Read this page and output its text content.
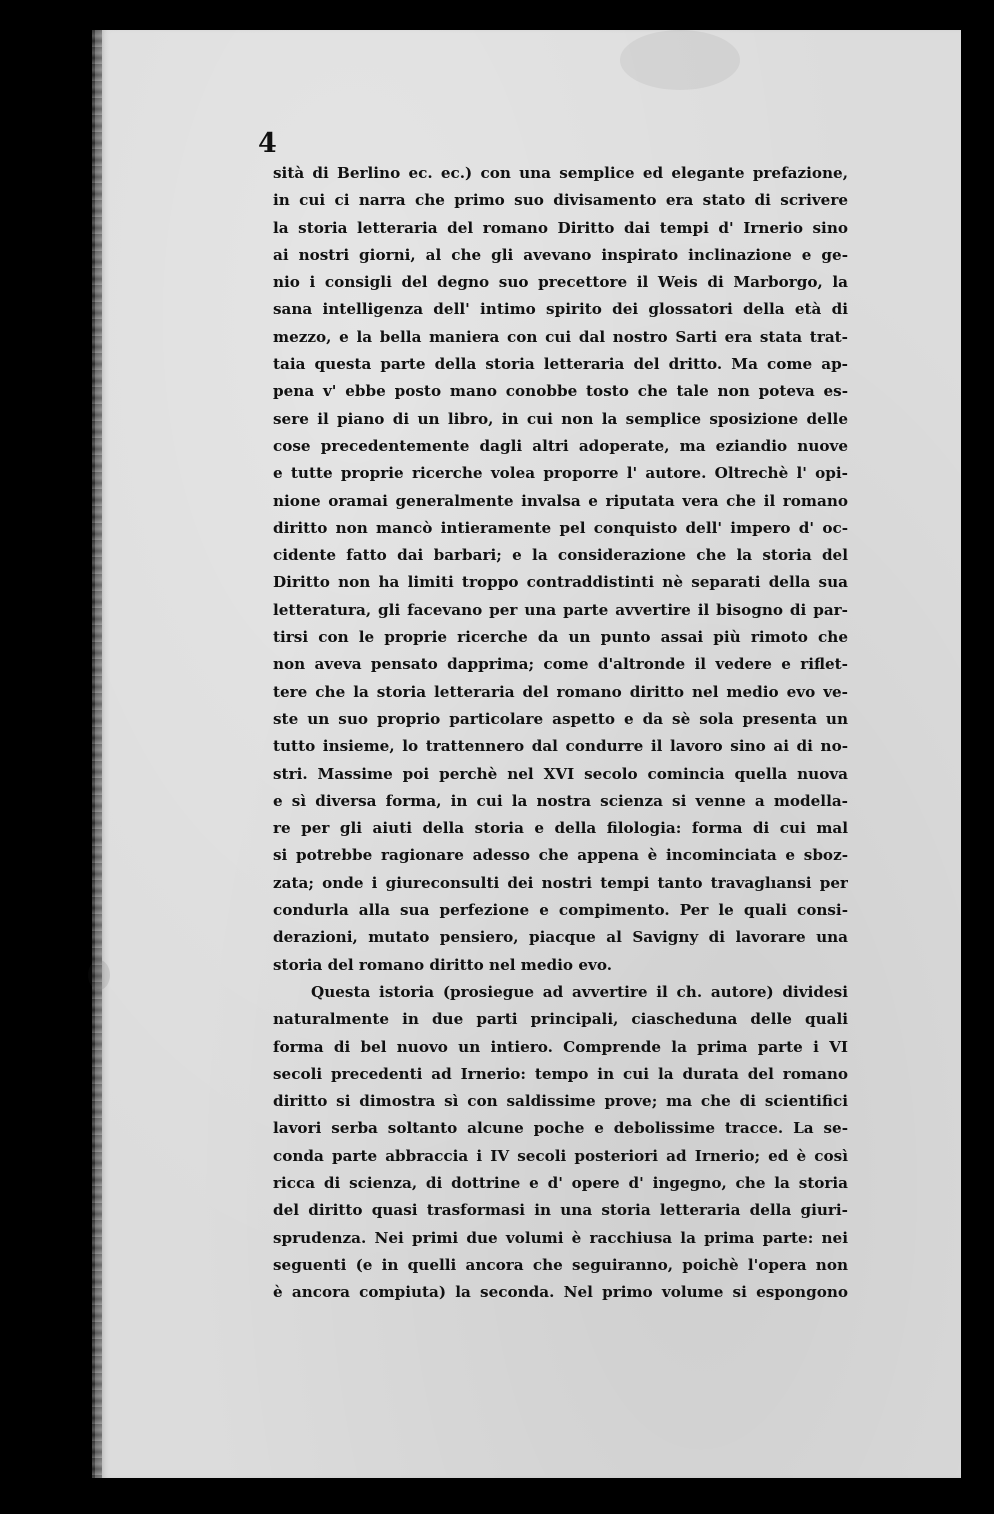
4
sità di Berlino ec. ec.) con una semplice ed elegante prefazione,
in cui ci narra che primo suo divisamento era stato di scrivere
la storia letteraria del romano Diritto dai tempi d' Irnerio sino
ai nostri giorni, al che gli avevano inspirato inclinazione e ge-
nio i consigli del degno suo precettore il Weis di Marborgo, la
sana intelligenza dell' intimo spirito dei glossatori della età di
mezzo, e la bella maniera con cui dal nostro Sarti era stata trat-
taia questa parte della storia letteraria del dritto. Ma come ap-
pena v' ebbe posto mano conobbe tosto che tale non poteva es-
sere il piano di un libro, in cui non la semplice sposizione delle
cose precedentemente dagli altri adoperate, ma eziandio nuove
e tutte proprie ricerche volea proporre l' autore. Oltrechè l' opi-
nione oramai generalmente invalsa e riputata vera che il romano
diritto non mancò intieramente pel conquisto dell' impero d' oc-
cidente fatto dai barbari; e la considerazione che la storia del
Diritto non ha limiti troppo contraddistinti nè separati della sua
letteratura, gli facevano per una parte avvertire il bisogno di par-
tirsi con le proprie ricerche da un punto assai più rimoto che
non aveva pensato dapprima; come d'altronde il vedere e riflet-
tere che la storia letteraria del romano diritto nel medio evo ve-
ste un suo proprio particolare aspetto e da sè sola presenta un
tutto insieme, lo trattennero dal condurre il lavoro sino ai di no-
stri. Massime poi perchè nel XVI secolo comincia quella nuova
e sì diversa forma, in cui la nostra scienza si venne a modella-
re per gli aiuti della storia e della filologia: forma di cui mal
si potrebbe ragionare adesso che appena è incominciata e sboz-
zata; onde i giureconsulti dei nostri tempi tanto travaglıansi per
condurla alla sua perfezione e compimento. Per le quali consi-
derazioni, mutato pensiero, piacque al Savigny di lavorare una
storia del romano diritto nel medio evo.
Questa istoria (prosiegue ad avvertire il ch. autore) dividesi
naturalmente in due parti principali, ciascheduna delle quali
forma di bel nuovo un intiero. Comprende la prima parte i VI
secoli precedenti ad Irnerio: tempo in cui la durata del romano
diritto si dimostra sì con saldissime prove; ma che di scientifici
lavori serba soltanto alcune poche e debolissime tracce. La se-
conda parte abbraccia i IV secoli posteriori ad Irnerio; ed è così
ricca di scienza, di dottrine e d' opere d' ingegno, che la storia
del diritto quasi trasformasi in una storia letteraria della giuri-
sprudenza. Nei primi due volumi è racchiusa la prima parte: nei
seguenti (e in quelli ancora che seguiranno, poichè l'opera non
è ancora compiuta) la seconda. Nel primo volume si espongono
